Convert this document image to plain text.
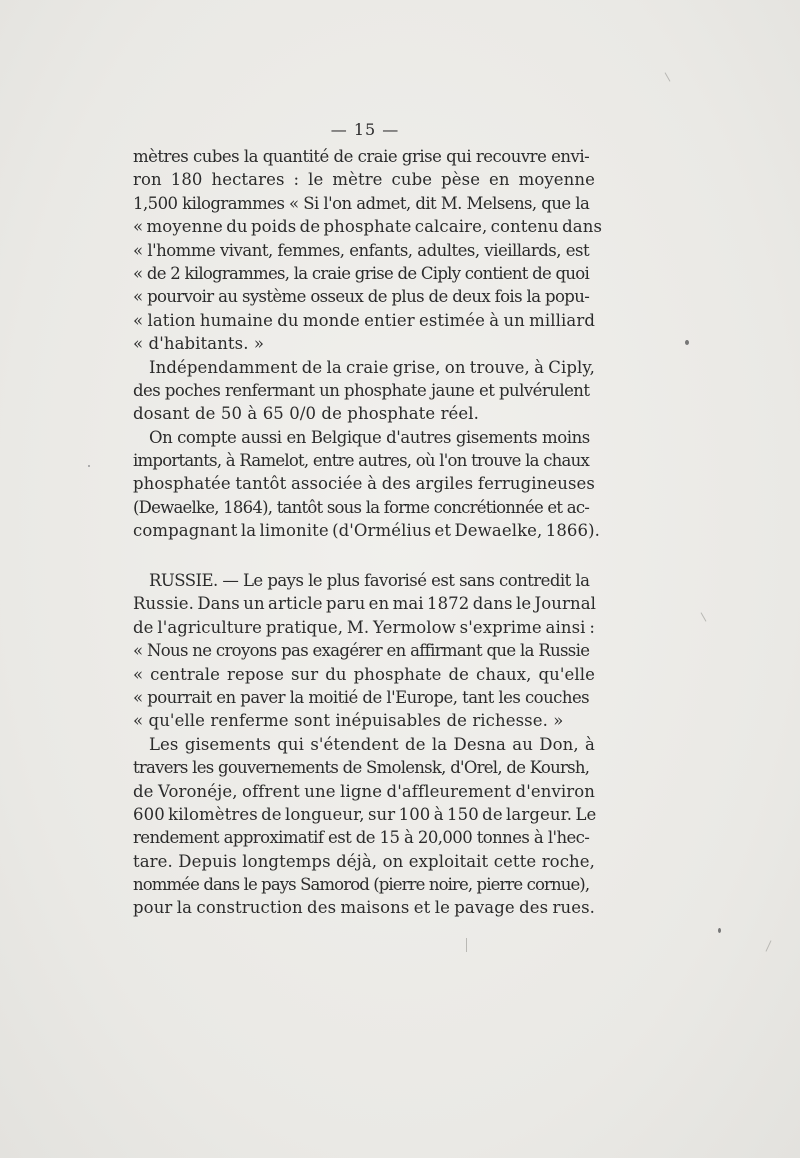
— 15 —
mètres cubes la quantité de craie grise qui recouvre envi-
ron 180 hectares : le mètre cube pèse en moyenne
1,500 kilogrammes « Si l'on admet, dit M. Melsens, que la
« moyenne du poids de phosphate calcaire, contenu dans
« l'homme vivant, femmes, enfants, adultes, vieillards, est
« de 2 kilogrammes, la craie grise de Ciply contient de quoi
« pourvoir au système osseux de plus de deux fois la popu-
« lation humaine du monde entier estimée à un milliard
« d'habitants. »
Indépendamment de la craie grise, on trouve, à Ciply,
des poches renfermant un phosphate jaune et pulvérulent
dosant de 50 à 65 0/0 de phosphate réel.
On compte aussi en Belgique d'autres gisements moins
importants, à Ramelot, entre autres, où l'on trouve la chaux
phosphatée tantôt associée à des argiles ferrugineuses
(Dewaelke, 1864), tantôt sous la forme concrétionnée et ac-
compagnant la limonite (d'Ormélius et Dewaelke, 1866).
RUSSIE. — Le pays le plus favorisé est sans contredit la
Russie. Dans un article paru en mai 1872 dans le Journal
de l'agriculture pratique, M. Yermolow s'exprime ainsi :
« Nous ne croyons pas exagérer en affirmant que la Russie
« centrale repose sur du phosphate de chaux, qu'elle
« pourrait en paver la moitié de l'Europe, tant les couches
« qu'elle renferme sont inépuisables de richesse. »
Les gisements qui s'étendent de la Desna au Don, à
travers les gouvernements de Smolensk, d'Orel, de Koursh,
de Voronéje, offrent une ligne d'affleurement d'environ
600 kilomètres de longueur, sur 100 à 150 de largeur. Le
rendement approximatif est de 15 à 20,000 tonnes à l'hec-
tare. Depuis longtemps déjà, on exploitait cette roche,
nommée dans le pays Samorod (pierre noire, pierre cornue),
pour la construction des maisons et le pavage des rues.
